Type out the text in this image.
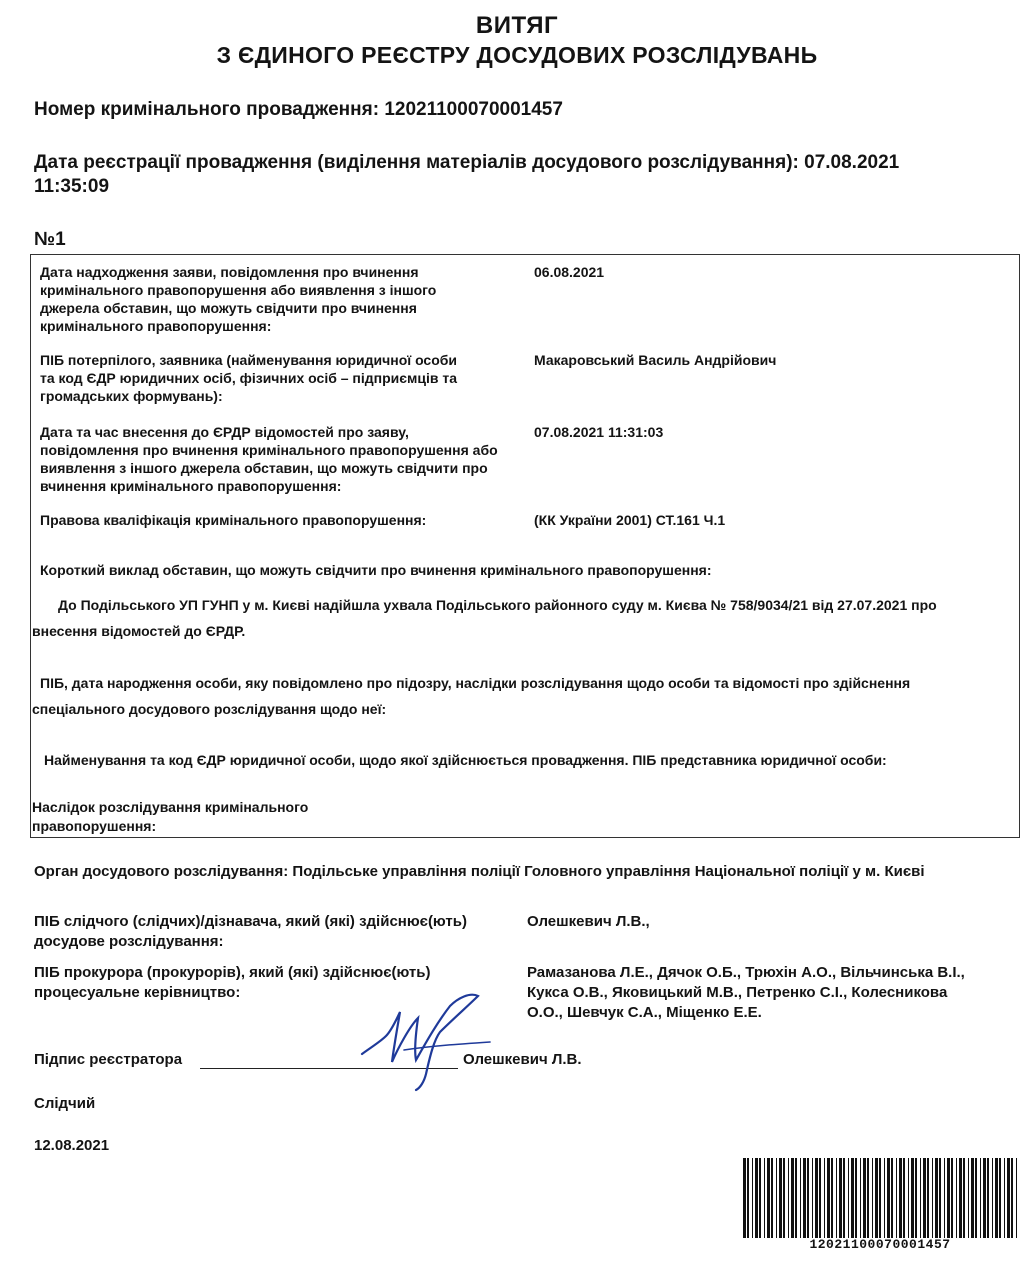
ВИТЯГ
З ЄДИНОГО РЕЄСТРУ ДОСУДОВИХ РОЗСЛІДУВАНЬ
Номер кримінального провадження: 12021100070001457
Дата реєстрації провадження (виділення матеріалів досудового розслідування): 07.08.2021
11:35:09
№1
Дата надходження заяви, повідомлення про вчинення
кримінального правопорушення або виявлення з іншого
джерела обставин, що можуть свідчити про вчинення
кримінального правопорушення:
06.08.2021
ПІБ потерпілого, заявника (найменування юридичної особи
та код ЄДР юридичних осіб, фізичних осіб – підприємців та
громадських формувань):
Макаровський Василь Андрійович
Дата та час внесення до ЄРДР відомостей про заяву,
повідомлення про вчинення кримінального правопорушення або
виявлення з іншого джерела обставин, що можуть свідчити про
вчинення кримінального правопорушення:
07.08.2021 11:31:03
Правова кваліфікація кримінального правопорушення:	(КК України 2001) СТ.161 Ч.1
Короткий виклад обставин, що можуть свідчити про вчинення кримінального правопорушення:
До Подільського УП ГУНП у м. Києві надійшла ухвала Подільського районного суду м. Києва № 758/9034/21 від 27.07.2021 про
внесення відомостей до ЄРДР.
ПІБ, дата народження особи, яку повідомлено про підозру, наслідки розслідування щодо особи та відомості про здійснення
спеціального досудового розслідування щодо неї:
Найменування та код ЄДР юридичної особи, щодо якої здійснюється провадження. ПІБ представника юридичної особи:
Наслідок розслідування кримінального
правопорушення:
Орган досудового розслідування: Подільське управління поліції Головного управління Національної поліції у м. Києві
ПІБ слідчого (слідчих)/дізнавача, який (які) здійснює(ють)
досудове розслідування:
Олешкевич Л.В.,
ПІБ прокурора (прокурорів), який (які) здійснює(ють)
процесуальне керівництво:
Рамазанова Л.Е., Дячок О.Б., Трюхін А.О., Вільчинська В.І.,
Кукса О.В., Яковицький М.В., Петренко С.І., Колесникова
О.О., Шевчук С.А., Міщенко Е.Е.
Підпис реєстратора	Олешкевич Л.В.
Слідчий
12.08.2021
12021100070001457
